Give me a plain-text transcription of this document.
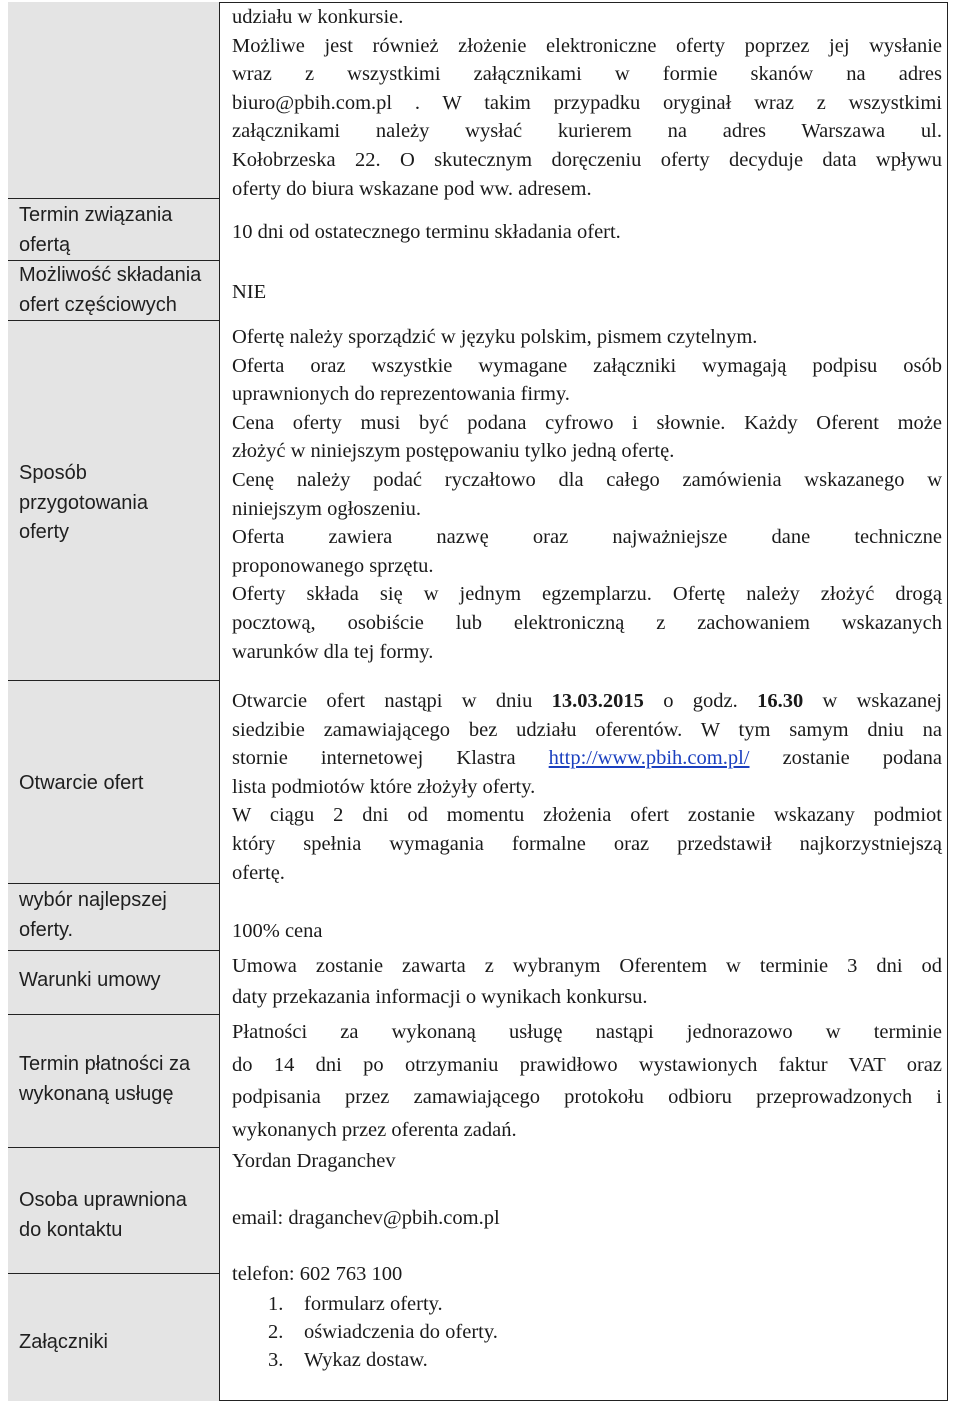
Termin związania
ofertą
Możliwość składania
ofert częściowych
Sposób
przygotowania
oferty
Otwarcie ofert
wybór najlepszej
oferty.
Warunki umowy
Termin płatności za
wykonaną usługę
Osoba uprawniona
do kontaktu
Załączniki
udziału w konkursie.
Możliwe jest również złożenie elektroniczne oferty poprzez jej wysłanie
wraz z wszystkimi załącznikami w formie skanów na adres
biuro@pbih.com.pl . W takim przypadku oryginał wraz z wszystkimi
załącznikami należy wysłać kurierem na adres Warszawa ul.
Kołobrzeska 22. O skutecznym doręczeniu oferty decyduje data wpływu
oferty do biura wskazane pod ww. adresem.
10 dni od ostatecznego terminu składania ofert.
NIE
Ofertę należy sporządzić w języku polskim, pismem czytelnym.
Oferta oraz wszystkie wymagane załączniki wymagają podpisu osób
uprawnionych do reprezentowania firmy.
Cena oferty musi być podana cyfrowo i słownie. Każdy Oferent może
złożyć w niniejszym postępowaniu tylko jedną ofertę.
Cenę należy podać ryczałtowo dla całego zamówienia wskazanego w
niniejszym ogłoszeniu.
Oferta zawiera nazwę oraz najważniejsze dane techniczne
proponowanego sprzętu.
Oferty składa się w jednym egzemplarzu. Ofertę należy złożyć drogą
pocztową, osobiście lub elektroniczną z zachowaniem wskazanych
warunków dla tej formy.
Otwarcie ofert nastąpi w dniu 13.03.2015 o godz. 16.30 w wskazanej
siedzibie zamawiającego bez udziału oferentów. W tym samym dniu na
stornie internetowej Klastra http://www.pbih.com.pl/ zostanie podana
lista podmiotów które złożyły oferty.
W ciągu 2 dni od momentu złożenia ofert zostanie wskazany podmiot
który spełnia wymagania formalne oraz przedstawił najkorzystniejszą
ofertę.
100% cena
Umowa zostanie zawarta z wybranym Oferentem w terminie 3 dni od
daty przekazania informacji o wynikach konkursu.
Płatności za wykonaną usługę nastąpi jednorazowo w terminie
do 14 dni po otrzymaniu prawidłowo wystawionych faktur VAT oraz
podpisania przez zamawiającego protokołu odbioru przeprowadzonych i
wykonanych przez oferenta zadań.
Yordan Draganchev
email: draganchev@pbih.com.pl
telefon: 602 763 100
1. formularz oferty.
2. oświadczenia do oferty.
3. Wykaz dostaw.
